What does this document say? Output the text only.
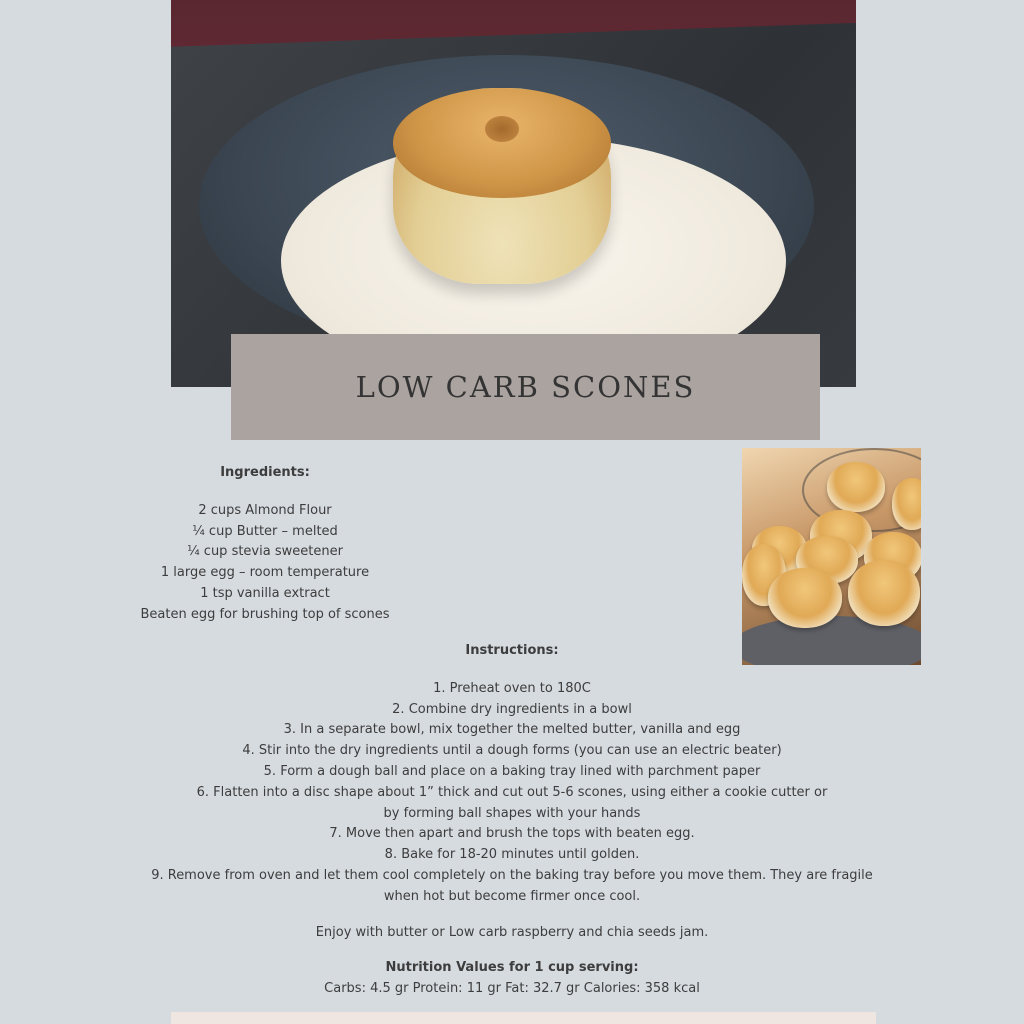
LOW CARB SCONES

Ingredients:

2 cups Almond Flour

¼ cup Butter – melted

¼ cup stevia sweetener

1 large egg – room temperature

1 tsp vanilla extract

Beaten egg for brushing top of scones

Instructions:

1. Preheat oven to 180C

2. Combine dry ingredients in a bowl

3. In a separate bowl, mix together the melted butter, vanilla and egg

4. Stir into the dry ingredients until a dough forms (you can use an electric beater)

5. Form a dough ball and place on a baking tray lined with parchment paper

6. Flatten into a disc shape about 1” thick and cut out 5-6 scones, using either a cookie cutter or by forming ball shapes with your hands

7. Move then apart and brush the tops with beaten egg.

8. Bake for 18-20 minutes until golden.

9. Remove from oven and let them cool completely on the baking tray before you move them. They are fragile when hot but become firmer once cool.

Enjoy with butter or Low carb raspberry and chia seeds jam.

Nutrition Values for 1 cup serving:

Carbs: 4.5 gr Protein: 11 gr Fat: 32.7 gr Calories: 358 kcal
